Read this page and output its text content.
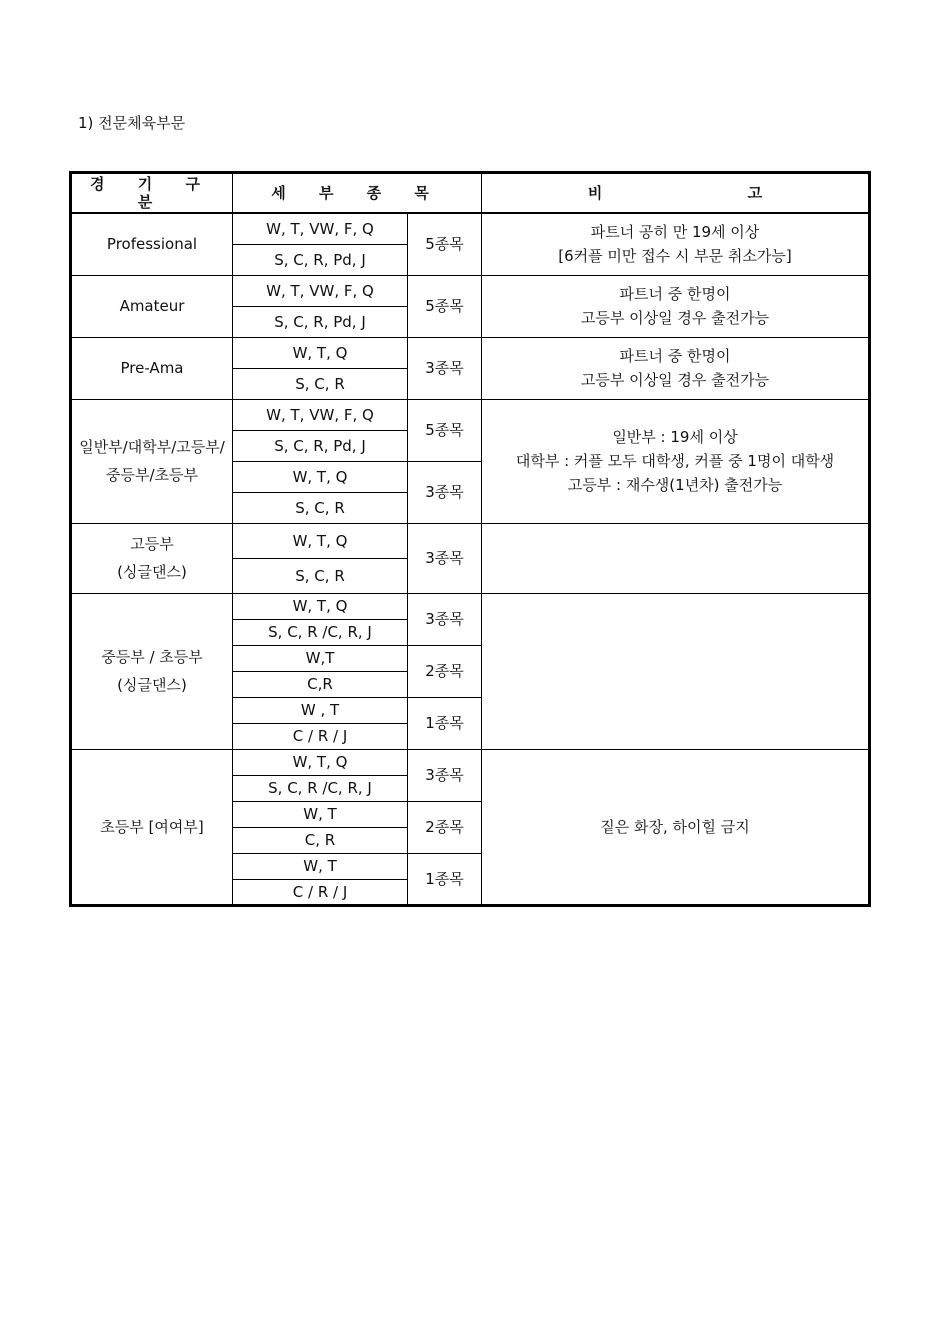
1) 전문체육부문
경 기 구 분	세 부 종 목		비 고

Professional	W, T, VW, F, Q	5종목	파트너 공히 만 19세 이상
[6커플 미만 접수 시 부문 취소가능]

	S, C, R, Pd, J		

Amateur	W, T, VW, F, Q	5종목	파트너 중 한명이
고등부 이상일 경우 출전가능

	S, C, R, Pd, J		

Pre-Ama	W, T, Q	3종목	파트너 중 한명이
고등부 이상일 경우 출전가능

	S, C, R		

일반부/대학부/고등부/
중등부/초등부	W, T, VW, F, Q	5종목	일반부 : 19세 이상
대학부 : 커플 모두 대학생, 커플 중 1명이 대학생
고등부 : 재수생(1년차) 출전가능

	S, C, R, Pd, J		
	W, T, Q	3종목	
	S, C, R		

고등부
(싱글댄스)	W, T, Q	3종목	
	S, C, R		

중등부 / 초등부
(싱글댄스)	W, T, Q	3종목	
	S, C, R /C, R, J		
	W,T	2종목	
	C,R		
	W , T	1종목	
	C / R / J		

초등부 [여여부]	W, T, Q	3종목	짙은 화장, 하이힐 금지

	S, C, R /C, R, J		
	W, T	2종목	
	C, R		
	W, T	1종목	
	C / R / J		
